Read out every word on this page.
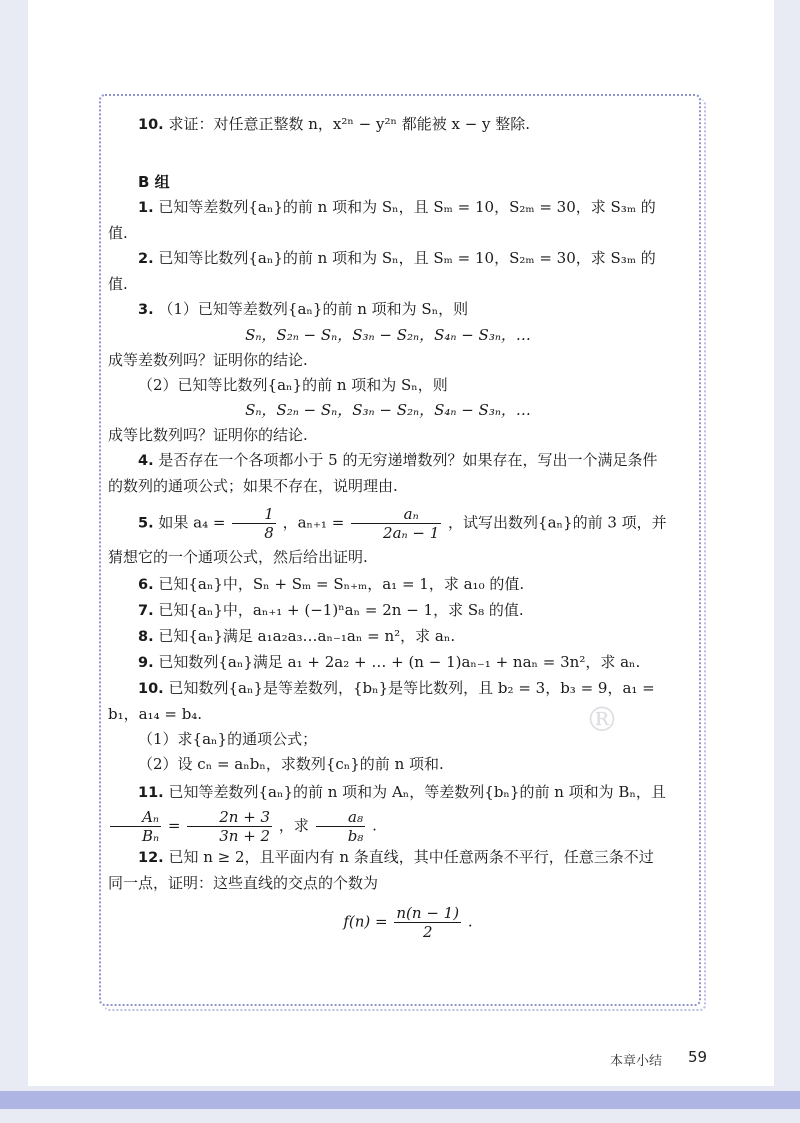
®

10. 求证：对任意正整数 n，x²ⁿ − y²ⁿ 都能被 x − y 整除.

B 组

1. 已知等差数列{aₙ}的前 n 项和为 Sₙ，且 Sₘ = 10，S₂ₘ = 30，求 S₃ₘ 的值.

2. 已知等比数列{aₙ}的前 n 项和为 Sₙ，且 Sₘ = 10，S₂ₘ = 30，求 S₃ₘ 的值.

3. （1）已知等差数列{aₙ}的前 n 项和为 Sₙ，则

Sₙ，S₂ₙ − Sₙ，S₃ₙ − S₂ₙ，S₄ₙ − S₃ₙ，…

成等差数列吗？证明你的结论.

（2）已知等比数列{aₙ}的前 n 项和为 Sₙ，则

Sₙ，S₂ₙ − Sₙ，S₃ₙ − S₂ₙ，S₄ₙ − S₃ₙ，…

成等比数列吗？证明你的结论.

4. 是否存在一个各项都小于 5 的无穷递增数列？如果存在，写出一个满足条件的数列的通项公式；如果不存在，说明理由.

5. 如果 $a_4 = \frac{1}{8}$ ，$a_{n+1} = \frac{\text{aₙ}}{\text{2aₙ − 1}}$ ，试写出数列{aₙ}的前 3 项，并猜想它的一个通项公式，然后给出证明.

6. 已知{aₙ}中，Sₙ + Sₘ = Sₙ₊ₘ，a₁ = 1，求 a₁₀ 的值.

7. 已知{aₙ}中，aₙ₊₁ + (−1)ⁿaₙ = 2n − 1，求 S₈ 的值.

8. 已知{aₙ}满足 a₁a₂a₃…aₙ₋₁aₙ = n²，求 aₙ.

9. 已知数列{aₙ}满足 a₁ + 2a₂ + … + (n − 1)aₙ₋₁ + naₙ = 3n²，求 aₙ.

10. 已知数列{aₙ}是等差数列，{bₙ}是等比数列，且 b₂ = 3，b₃ = 9，a₁ = b₁，a₁₄ = b₄.

（1）求{aₙ}的通项公式；

（2）设 cₙ = aₙbₙ，求数列{cₙ}的前 n 项和.

11. 已知等差数列{aₙ}的前 n 项和为 Aₙ，等差数列{bₙ}的前 n 项和为 Bₙ，且
$\frac{\text{Aₙ}}{\text{Bₙ}} = \frac{2n + 3}{3n + 2}$ ，求 $\frac{\text{a₈}}{\text{b₈}}$ .

12. 已知 n ≥ 2，且平面内有 n 条直线，其中任意两条不平行，任意三条不过同一点，证明：这些直线的交点的个数为

$f(n) = \frac{n(n - 1)}{2}$ .

本章小结 59
